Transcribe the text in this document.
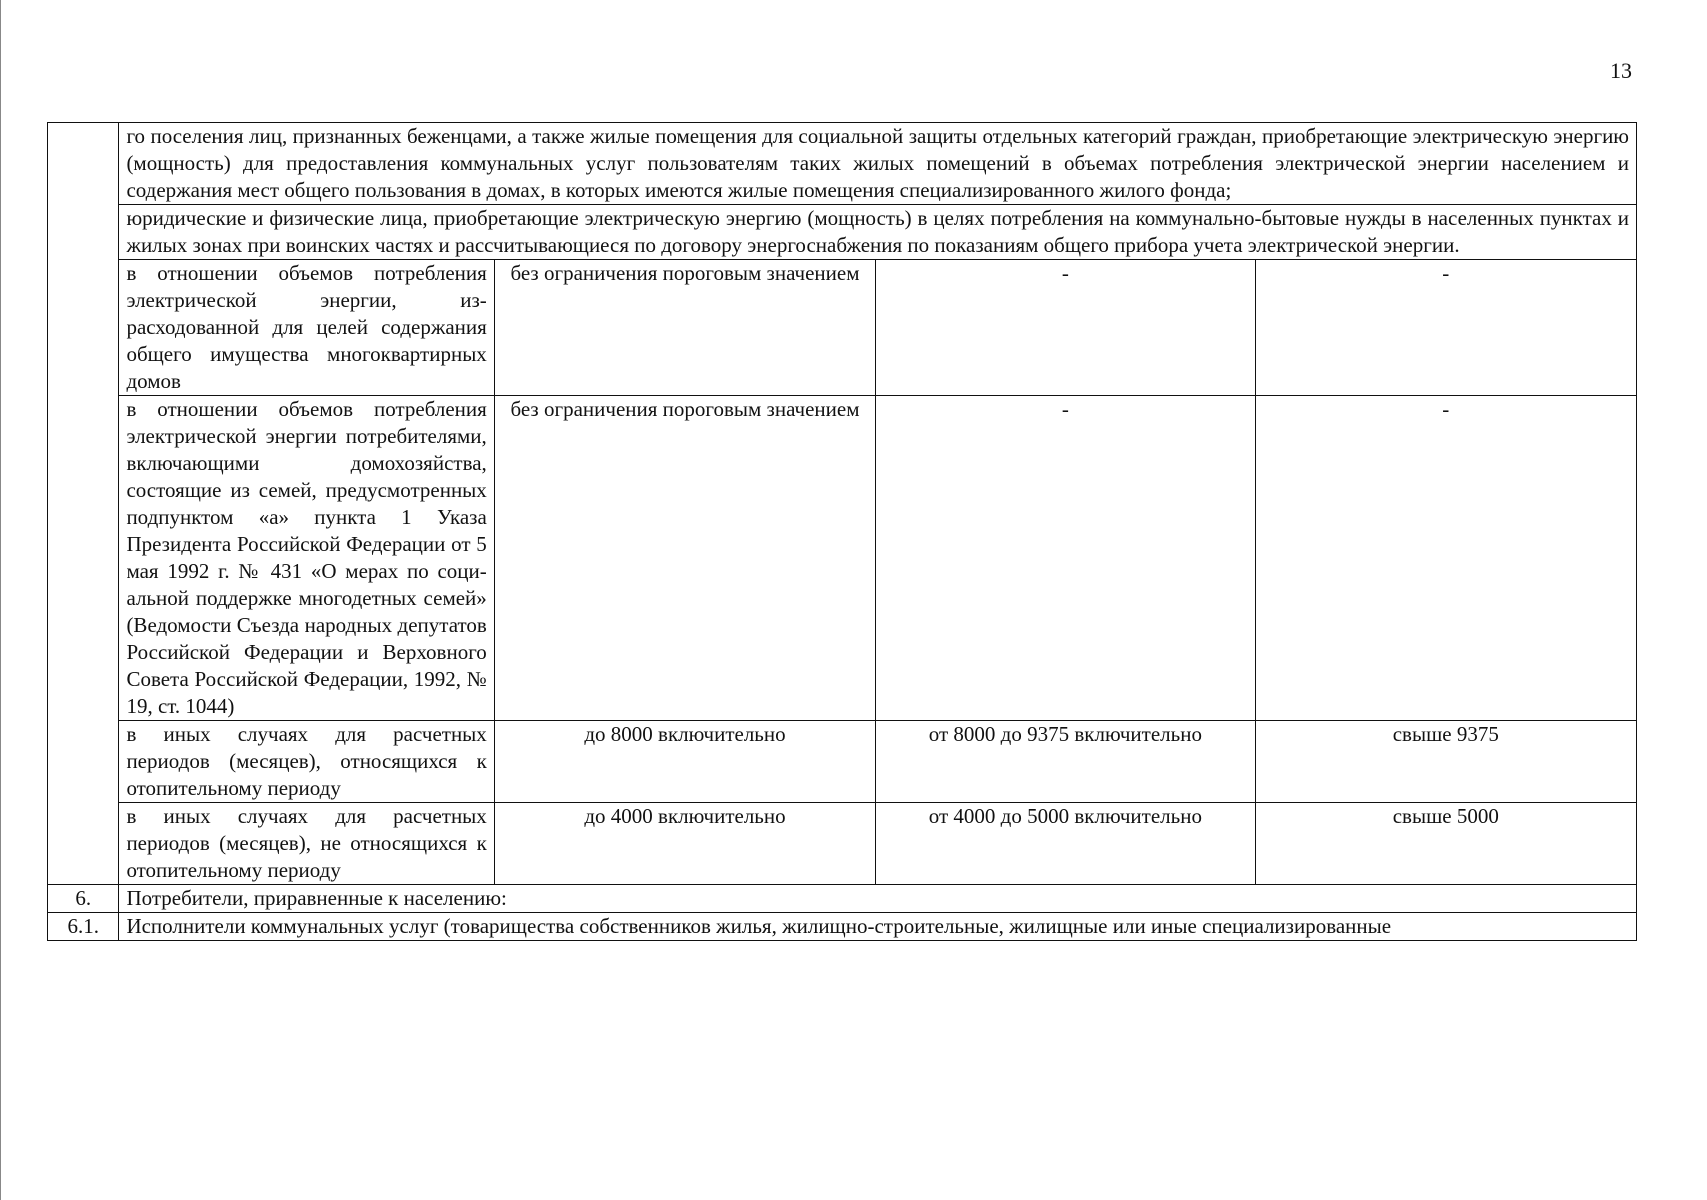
13
	го поселения лиц, признанных беженцами, а также жилые помещения для социальной защиты отдельных категорий граждан, приобретающие электрическую энергию (мощность) для предоставления коммунальных услуг пользователям таких жилых помещений в объемах потребления электрической энергии населением и содержания мест общего пользования в домах, в которых имеются жилые помещения специализированного жилого фонда;			
	юридические и физические лица, приобретающие электрическую энергию (мощность) в целях потребления на коммунально-бытовые нужды в населенных пунктах и жилых зонах при воинских частях и рассчитывающиеся по договору энергоснабжения по показаниям общего прибора учета электрической энергии.			
	в отношении объемов потребления электрической энергии, израсходованной для целей содержания общего имущества многоквартирных домов	без ограничения пороговым значением	-	-
	в отношении объемов потребления электрической энергии потребителями, включающими домохозяйства, состоящие из семей, предусмотренных подпунктом «а» пункта 1 Указа Президента Российской Федерации от 5 мая 1992 г. № 431 «О мерах по социальной поддержке многодетных семей» (Ведомости Съезда народных депутатов Российской Федерации и Верховного Совета Российской Федерации, 1992, № 19, ст. 1044)	без ограничения пороговым значением	-	-
	в иных случаях для расчетных периодов (месяцев), относящихся к отопительному периоду	до 8000 включительно	от 8000 до 9375 включительно	свыше 9375
	в иных случаях для расчетных периодов (месяцев), не относящихся к отопительному периоду	до 4000 включительно	от 4000 до 5000 включительно	свыше 5000
6.	Потребители, приравненные к населению:			
6.1.	Исполнители коммунальных услуг (товарищества собственников жилья, жилищно-строительные, жилищные или иные специализированные			
